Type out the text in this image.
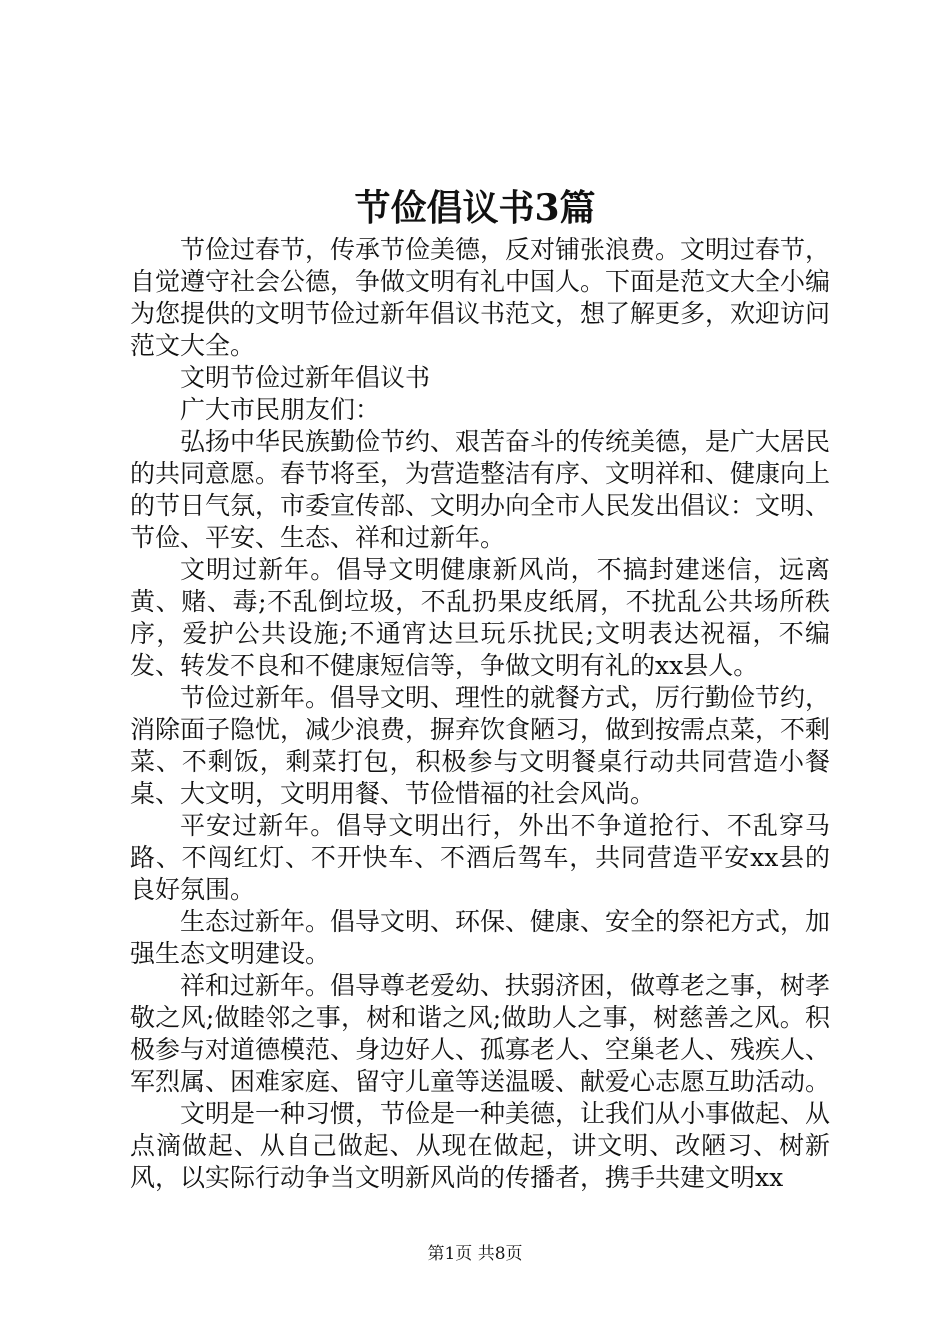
节俭倡议书3篇

节俭过春节，传承节俭美德，反对铺张浪费。文明过春节，自觉遵守社会公德，争做文明有礼中国人。下面是范文大全小编为您提供的文明节俭过新年倡议书范文，想了解更多，欢迎访问范文大全。

文明节俭过新年倡议书

广大市民朋友们：

弘扬中华民族勤俭节约、艰苦奋斗的传统美德，是广大居民的共同意愿。春节将至，为营造整洁有序、文明祥和、健康向上的节日气氛，市委宣传部、文明办向全市人民发出倡议：文明、节俭、平安、生态、祥和过新年。

文明过新年。倡导文明健康新风尚，不搞封建迷信，远离黄、赌、毒;不乱倒垃圾，不乱扔果皮纸屑，不扰乱公共场所秩序，爱护公共设施;不通宵达旦玩乐扰民;文明表达祝福，不编发、转发不良和不健康短信等，争做文明有礼的xx县人。

节俭过新年。倡导文明、理性的就餐方式，厉行勤俭节约，消除面子隐忧，减少浪费，摒弃饮食陋习，做到按需点菜，不剩菜、不剩饭，剩菜打包，积极参与文明餐桌行动共同营造小餐桌、大文明，文明用餐、节俭惜福的社会风尚。

平安过新年。倡导文明出行，外出不争道抢行、不乱穿马路、不闯红灯、不开快车、不酒后驾车，共同营造平安xx县的良好氛围。

生态过新年。倡导文明、环保、健康、安全的祭祀方式，加强生态文明建设。

祥和过新年。倡导尊老爱幼、扶弱济困，做尊老之事，树孝敬之风;做睦邻之事，树和谐之风;做助人之事，树慈善之风。积极参与对道德模范、身边好人、孤寡老人、空巢老人、残疾人、军烈属、困难家庭、留守儿童等送温暖、献爱心志愿互助活动。

文明是一种习惯，节俭是一种美德，让我们从小事做起、从点滴做起、从自己做起、从现在做起，讲文明、改陋习、树新风，以实际行动争当文明新风尚的传播者，携手共建文明xx

第1页 共8页
